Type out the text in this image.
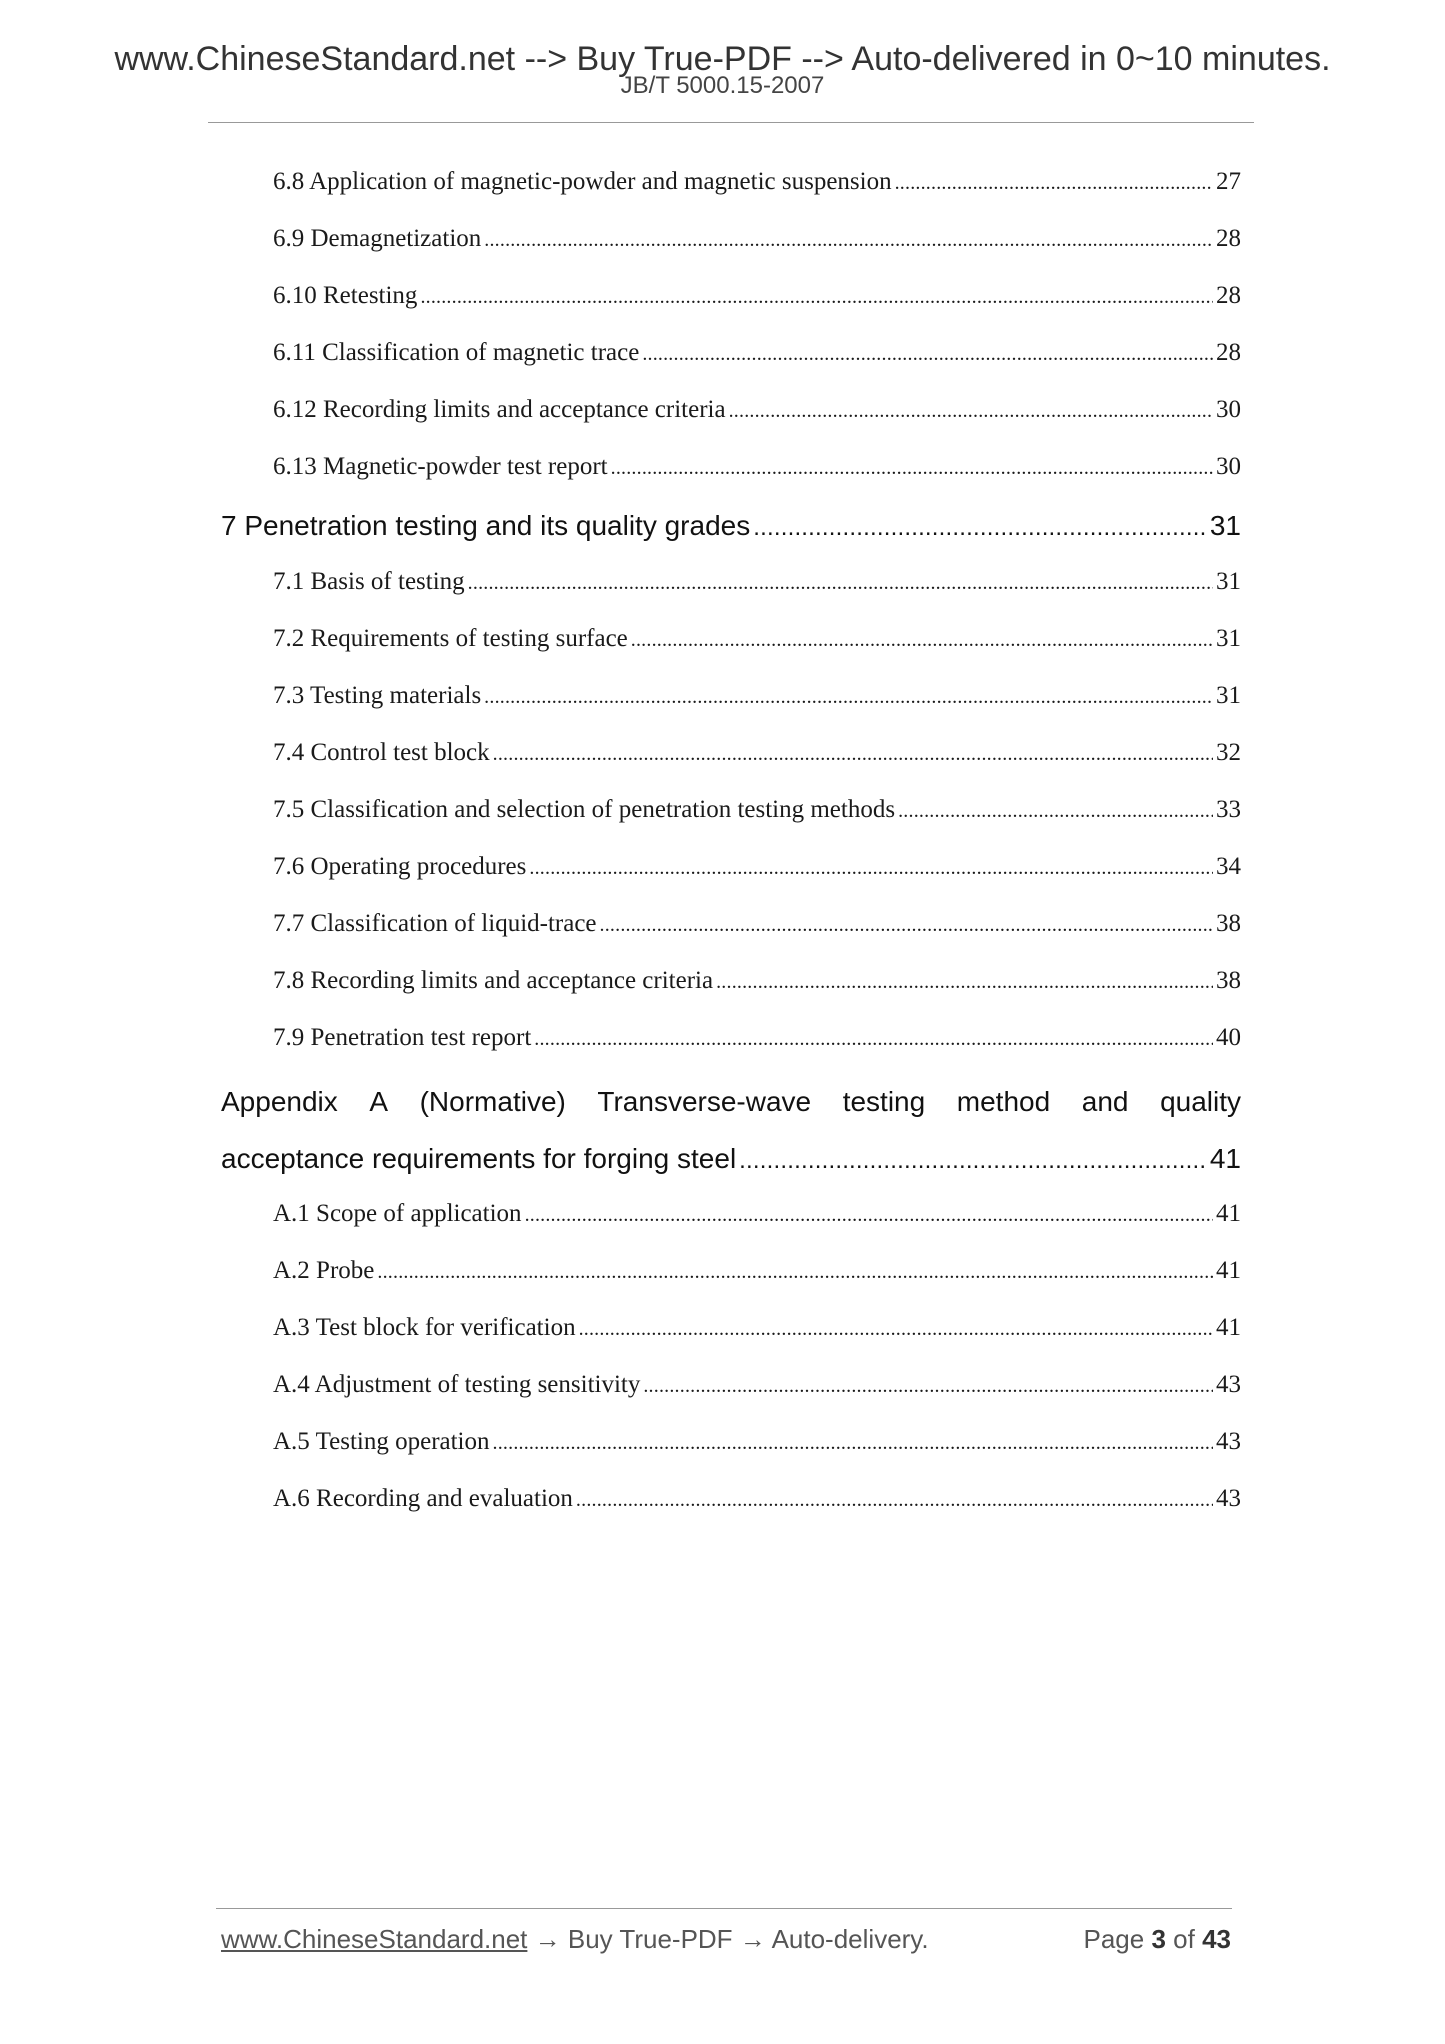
www.ChineseStandard.net --> Buy True-PDF --> Auto-delivered in 0~10 minutes.
JB/T 5000.15-2007
6.8 Application of magnetic-powder and magnetic suspension .....	27
6.9 Demagnetization .....	28
6.10 Retesting .....	28
6.11 Classification of magnetic trace .....	28
6.12 Recording limits and acceptance criteria .....	30
6.13 Magnetic-powder test report .....	30
7 Penetration testing and its quality grades .....	31
7.1 Basis of testing .....	31
7.2 Requirements of testing surface .....	31
7.3 Testing materials .....	31
7.4 Control test block .....	32
7.5 Classification and selection of penetration testing methods .....	33
7.6 Operating procedures .....	34
7.7 Classification of liquid-trace .....	38
7.8 Recording limits and acceptance criteria .....	38
7.9 Penetration test report .....	40
Appendix A (Normative) Transverse-wave testing method and quality
acceptance requirements for forging steel .....	41
A.1 Scope of application .....	41
A.2 Probe .....	41
A.3 Test block for verification .....	41
A.4 Adjustment of testing sensitivity .....	43
A.5 Testing operation .....	43
A.6 Recording and evaluation .....	43
www.ChineseStandard.net → Buy True-PDF → Auto-delivery.	Page 3 of 43
